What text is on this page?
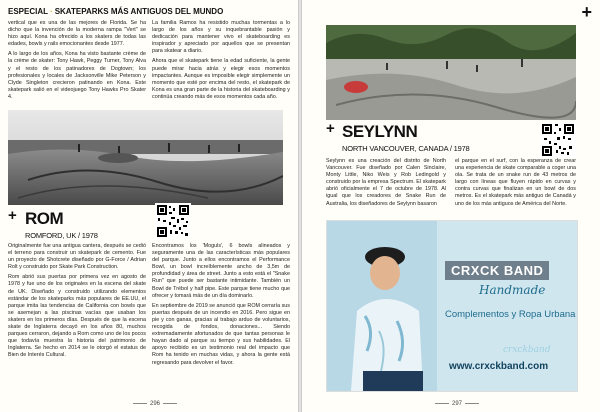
ESPECIAL · SKATEPARKS MÁS ANTIGUOS DEL MUNDO

vertical que es una de las mejores de Florida. Se ha dicho que la invención de la moderna rampa "Vert" se hizo aquí. Kona ha ofrecido a los skaters de todas las edades, bowls y rails emocionantes desde 1977.

A lo largo de los años, Kona ha visto bastante crème de la crème de skater: Tony Hawk, Peggy Turner, Tony Alva y el resto de los patinadores de Dogtown; los profesionales y locales de Jacksonville Mike Peterson y Clyde Singleton crecieron patinando en Kona. Este skatepark salió en el videojuego Tony Hawks Pro Skater 4.

La familia Ramos ha resistido muchas tormentas a lo largo de los años y su inquebrantable pasión y dedicación para mantener vivo el skateboarding es inspirador y apreciado por aquellos que se presentan para skatear a diario.

Ahora que el skatepark tiene la edad suficiente, la gente puede mirar hacia atrás y elegir esos momentos impactantes. Aunque es imposible elegir simplemente un momento que esté por encima del resto, el skatepark de Kona es una gran parte de la historia del skateboarding y continúa creando más de esos momentos cada año.

+ ROM
ROMFORD, UK / 1978

Originalmente fue una antigua cantera, después se cedió el terreno para construir un skatepark de cemento. Fue un proyecto de Shotcrete diseñado por G-Force / Adrian Rolt y construido por Skate Park Construction.

Rom abrió sus puertas por primera vez en agosto de 1978 y fue uno de los originales en la escena del skate de UK. Diseñado y construido utilizando elementos estándar de los skateparks más populares de EE.UU, el parque imita las tendencias de California con bowls que se asemejan a las piscinas vacías que usaban los skaters en los primeros días. Después de que la escena skate de Inglaterra decayó en los años 80, muchos parques cerraron, dejando a Rom como uno de los pocos que todavía muestra la historia del patrimonio de Inglaterra. Se hecho en 2014 se le otorgó el estatus de Bien de Interés Cultural.

Encontramos los 'Moguls', 6 bowls alineados y seguramente una de las características más populares del parque. Junto a ellos encontramos el Performance Bowl, un bowl increíblemente ancho de 3,5m de profundidad y área de street. Junto a esto está el "Snake Run" que puede ser bastante intimidante. También un Bowl de Trébol y half pipe. Este parque tiene mucho que ofrecer y tomará más de un día dominarlo.

En septiembre de 2019 se anunció que ROM cerraría sus puertas después de un incendio en 2016. Pero sigue en pie y con ganas, gracias al trabajo arduo de voluntarios, recogida de fondos, donaciones... Siendo extremadamente afortunados de que tantas personas le hayan dado al parque su tiempo y sus habilidades. El apoyo recibido es un testimonio real del impacto que Rom ha tenido en muchas vidas, y ahora la gente está regresando para devolver el favor.

296
+
+ SEYLYNN
NORTH VANCOUVER, CANADA / 1978

Seylynn es una creación del distrito de North Vancouver. Fue diseñado por Calen Sinclaire, Monty Little, Niko Weis y Rob Ledingold y construido por la empresa Spectrum. El skatepark abrió oficialmente el 7 de octubre de 1978. Al igual que los creadores de Snake Run de Australia, los diseñadores de Seylynn basaron

el parque en el surf, con la esperanza de crear una experiencia de skate comparable a coger una ola. Se trata de un snake run de 43 metros de largo con líneas que fluyen rápido en curvas y contra curvas que finalizan en un bowl de dos metros. Es el skatepark más antiguo de Canadá y uno de los más antiguos de América del Norte.

CRXCK BAND
Handmade
Complementos y Ropa Urbana
crxckband
www.crxckband.com
297
